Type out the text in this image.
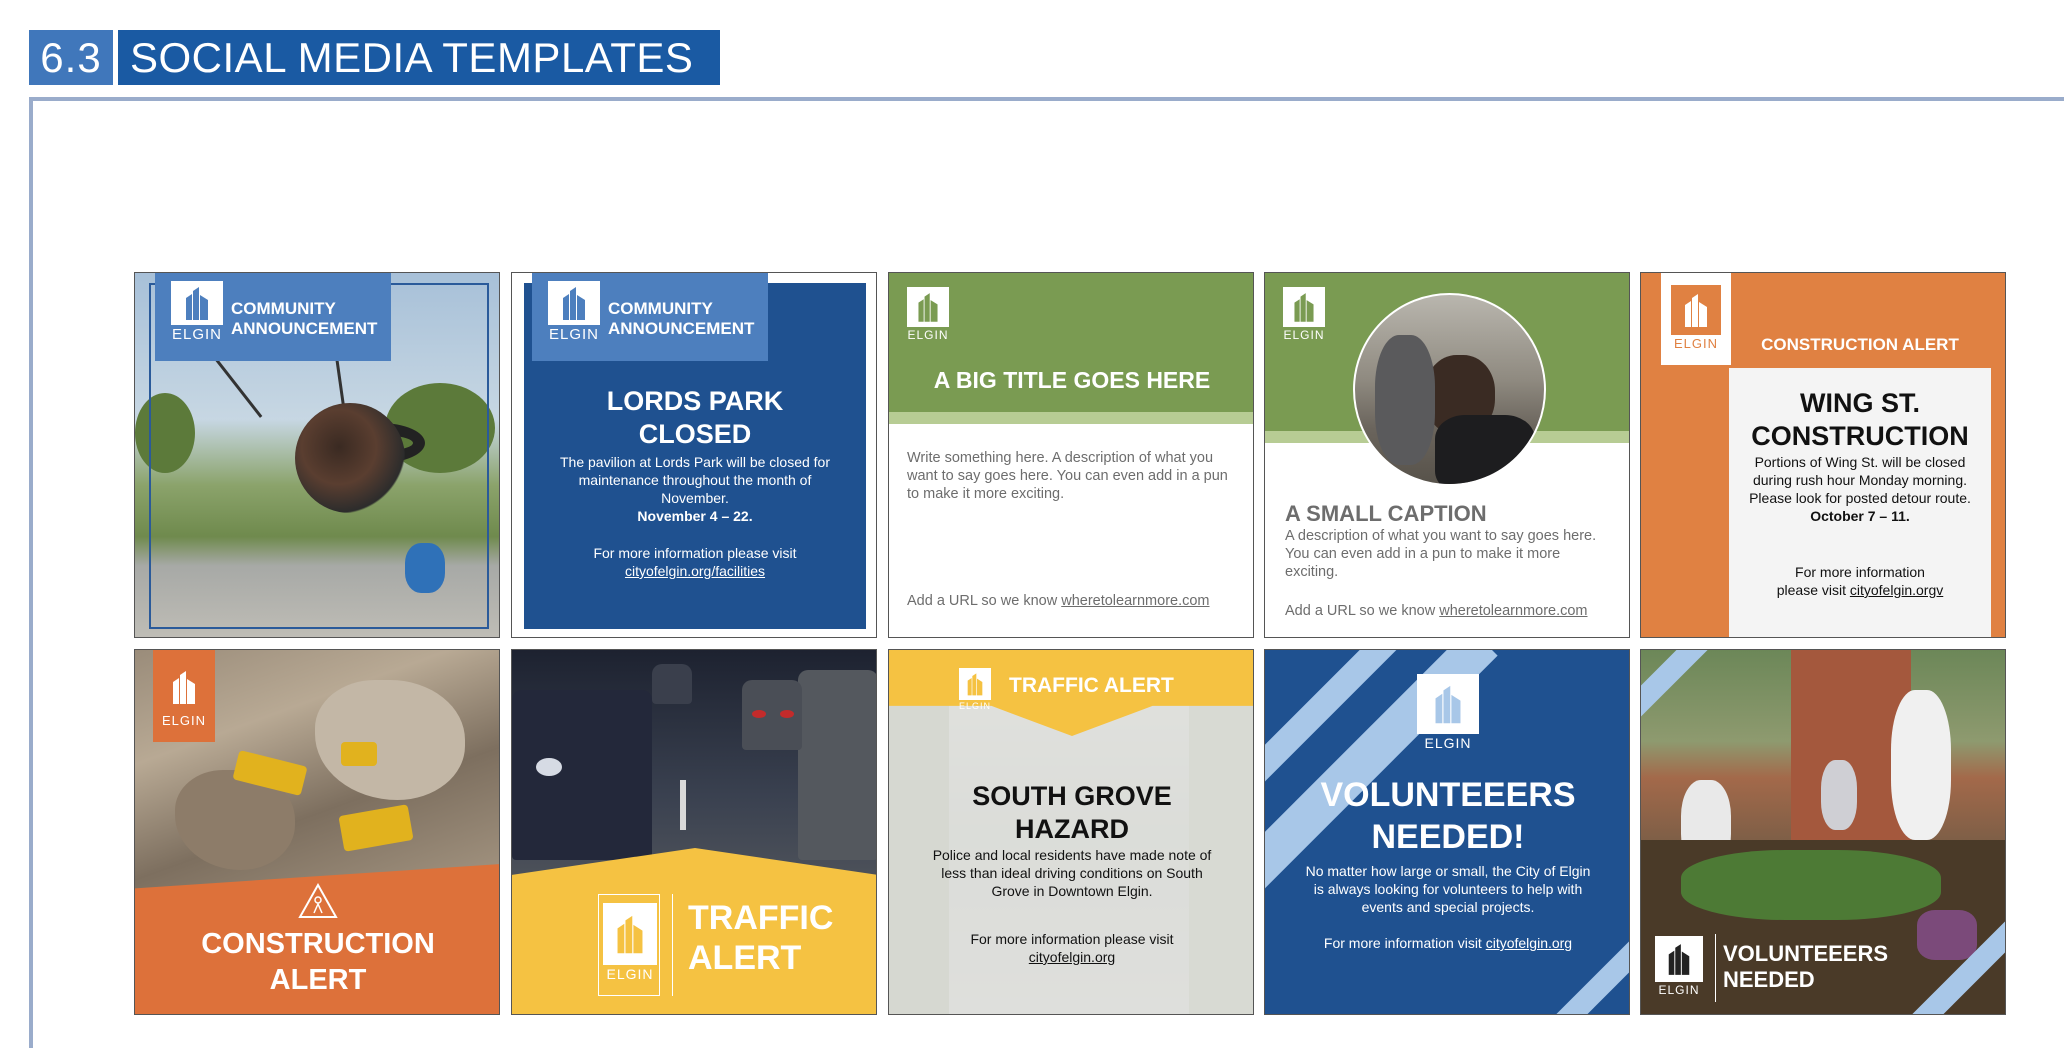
6.3 SOCIAL MEDIA TEMPLATES
ELGIN
COMMUNITY
ANNOUNCEMENT	ELGIN
COMMUNITY
ANNOUNCEMENT
LORDS PARK
CLOSED
The pavilion at Lords Park will be closed for maintenance throughout the month of November.
November 4 – 22.
For more information please visit
cityofelgin.org/facilities
ELGIN
A BIG TITLE GOES HERE
Write something here. A description of what you want to say goes here. You can even add in a pun to make it more exciting.
Add a URL so we know wheretolearnmore.com
ELGIN
A SMALL CAPTION
A description of what you want to say goes here. You can even add in a pun to make it more exciting.
Add a URL so we know wheretolearnmore.com
ELGIN	CONSTRUCTION ALERT
WING ST.
CONSTRUCTION
Portions of Wing St. will be closed during rush hour Monday morning. Please look for posted detour route.
October 7 – 11.
For more information
please visit cityofelgin.orgv
ELGIN
CONSTRUCTION
ALERT	ELGIN
TRAFFIC
ALERT
ELGIN
TRAFFIC ALERT
SOUTH GROVE
HAZARD
Police and local residents have made note of less than ideal driving conditions on South Grove in Downtown Elgin.
For more information please visit
cityofelgin.org
ELGIN
VOLUNTEEERS
NEEDED!
No matter how large or small, the City of Elgin is always looking for volunteers to help with events and special projects.
For more information visit cityofelgin.org
ELGIN
VOLUNTEEERS
NEEDED
